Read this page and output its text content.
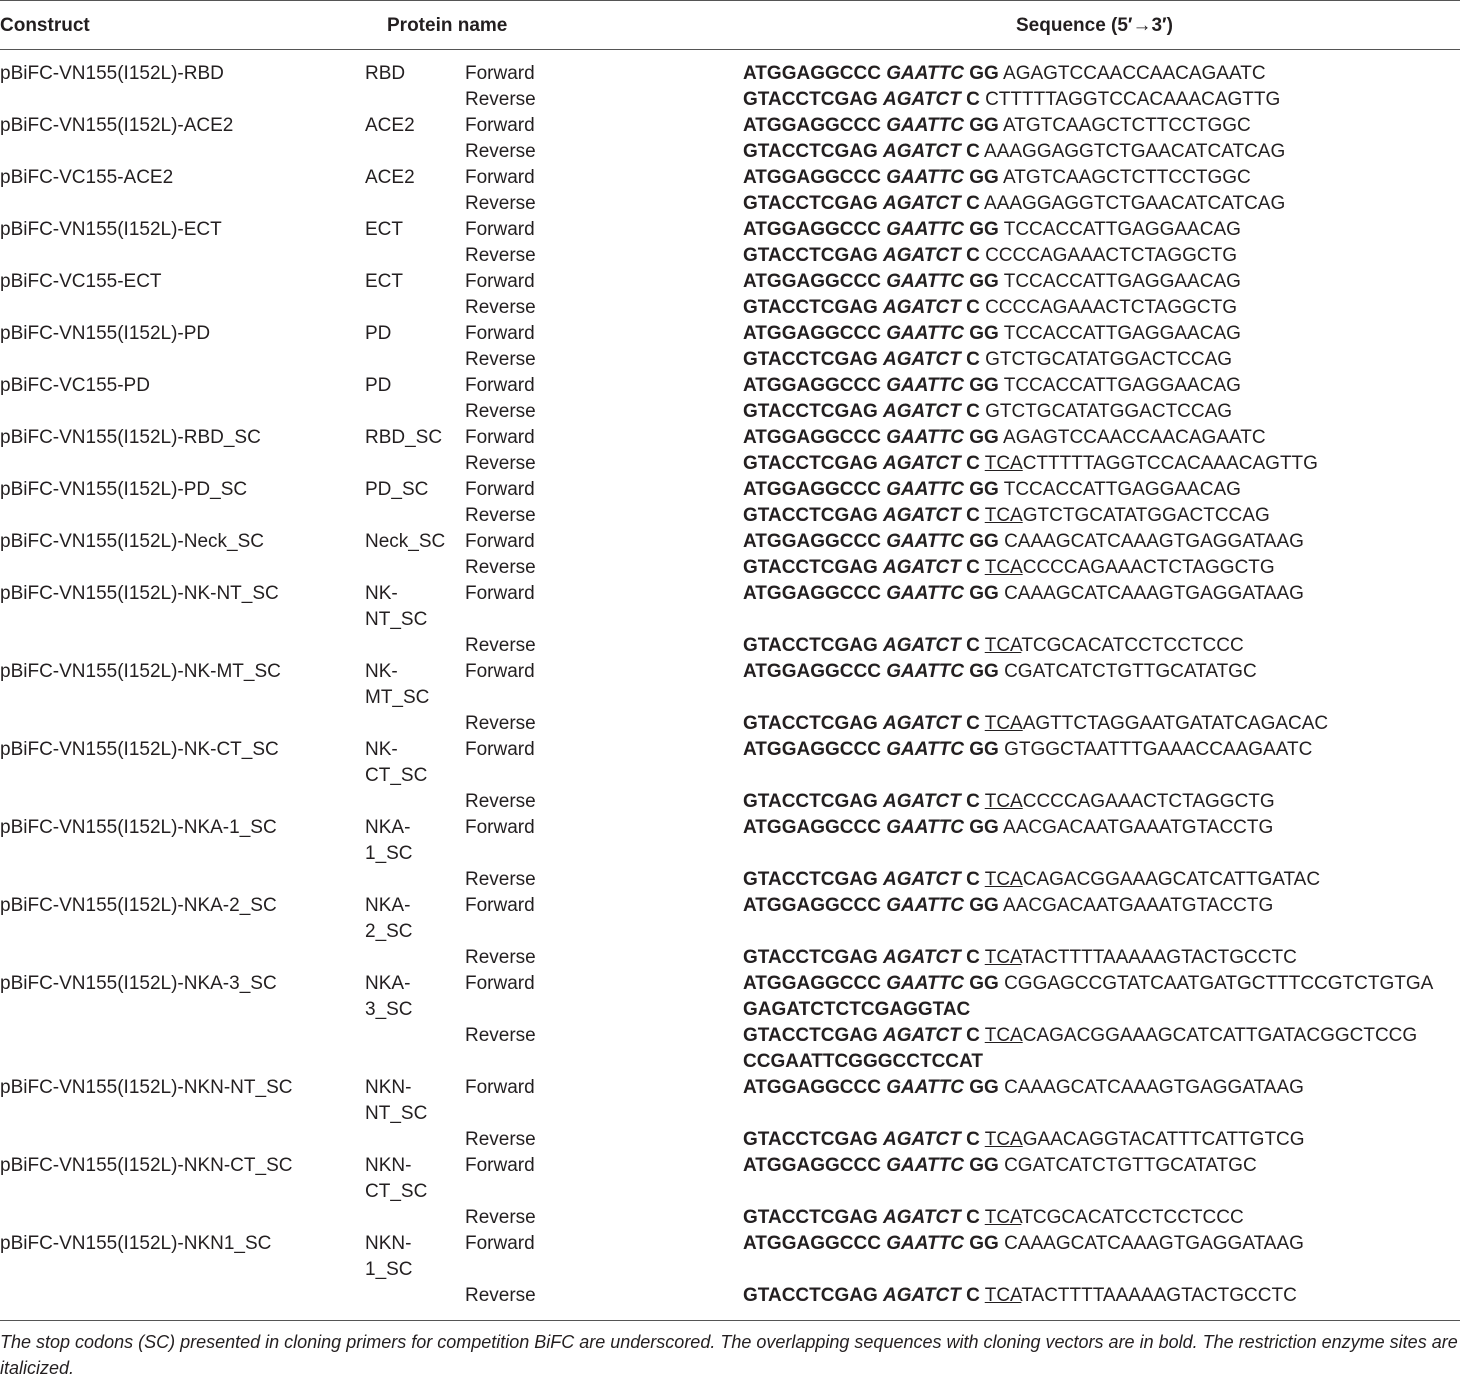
Construct	Protein name	Sequence (5′→3′)
pBiFC-VN155(I152L)-RBD	RBD	Forward	ATGGAGGCCC GAATTC GG AGAGTCCAACCAACAGAATC
Reverse	GTACCTCGAG AGATCT C CTTTTTAGGTCCACAAACAGTTG
pBiFC-VN155(I152L)-ACE2	ACE2	Forward	ATGGAGGCCC GAATTC GG ATGTCAAGCTCTTCCTGGC
Reverse	GTACCTCGAG AGATCT C AAAGGAGGTCTGAACATCATCAG
pBiFC-VC155-ACE2	ACE2	Forward	ATGGAGGCCC GAATTC GG ATGTCAAGCTCTTCCTGGC
Reverse	GTACCTCGAG AGATCT C AAAGGAGGTCTGAACATCATCAG
pBiFC-VN155(I152L)-ECT	ECT	Forward	ATGGAGGCCC GAATTC GG TCCACCATTGAGGAACAG
Reverse	GTACCTCGAG AGATCT C CCCCAGAAACTCTAGGCTG
pBiFC-VC155-ECT	ECT	Forward	ATGGAGGCCC GAATTC GG TCCACCATTGAGGAACAG
Reverse	GTACCTCGAG AGATCT C CCCCAGAAACTCTAGGCTG
pBiFC-VN155(I152L)-PD	PD	Forward	ATGGAGGCCC GAATTC GG TCCACCATTGAGGAACAG
Reverse	GTACCTCGAG AGATCT C GTCTGCATATGGACTCCAG
pBiFC-VC155-PD	PD	Forward	ATGGAGGCCC GAATTC GG TCCACCATTGAGGAACAG
Reverse	GTACCTCGAG AGATCT C GTCTGCATATGGACTCCAG
pBiFC-VN155(I152L)-RBD_SC	RBD_SC Forward	ATGGAGGCCC GAATTC GG AGAGTCCAACCAACAGAATC
Reverse	GTACCTCGAG AGATCT C TCACTTTTTAGGTCCACAAACAGTTG
pBiFC-VN155(I152L)-PD_SC	PD_SC Forward	ATGGAGGCCC GAATTC GG TCCACCATTGAGGAACAG
Reverse	GTACCTCGAG AGATCT C TCAGTCTGCATATGGACTCCAG
pBiFC-VN155(I152L)-Neck_SC	Neck_SC Forward	ATGGAGGCCC GAATTC GG CAAAGCATCAAAGTGAGGATAAG
Reverse	GTACCTCGAG AGATCT C TCACCCCAGAAACTCTAGGCTG
pBiFC-VN155(I152L)-NK-NT_SC	NK-
NT_SC
Forward	ATGGAGGCCC GAATTC GG CAAAGCATCAAAGTGAGGATAAG
Reverse	GTACCTCGAG AGATCT C TCATCGCACATCCTCCTCCC
pBiFC-VN155(I152L)-NK-MT_SC	NK-
MT_SC
Forward	ATGGAGGCCC GAATTC GG CGATCATCTGTTGCATATGC
Reverse	GTACCTCGAG AGATCT C TCAAGTTCTAGGAATGATATCAGACAC
pBiFC-VN155(I152L)-NK-CT_SC	NK-
CT_SC
Forward	ATGGAGGCCC GAATTC GG GTGGCTAATTTGAAACCAAGAATC
Reverse	GTACCTCGAG AGATCT C TCACCCCAGAAACTCTAGGCTG
pBiFC-VN155(I152L)-NKA-1_SC	NKA-
1_SC
Forward	ATGGAGGCCC GAATTC GG AACGACAATGAAATGTACCTG
Reverse	GTACCTCGAG AGATCT C TCACAGACGGAAAGCATCATTGATAC
pBiFC-VN155(I152L)-NKA-2_SC	NKA-
2_SC
Forward	ATGGAGGCCC GAATTC GG AACGACAATGAAATGTACCTG
Reverse	GTACCTCGAG AGATCT C TCATACTTTTAAAAAGTACTGCCTC
pBiFC-VN155(I152L)-NKA-3_SC	NKA-
3_SC
Forward	ATGGAGGCCC GAATTC GG CGGAGCCGTATCAATGATGCTTTCCGTCTGTGA
GAGATCTCTCGAGGTAC
Reverse	GTACCTCGAG AGATCT C TCACAGACGGAAAGCATCATTGATACGGCTCCG
CCGAATTCGGGCCTCCAT
pBiFC-VN155(I152L)-NKN-NT_SC	NKN-
NT_SC
Forward	ATGGAGGCCC GAATTC GG CAAAGCATCAAAGTGAGGATAAG
Reverse	GTACCTCGAG AGATCT C TCAGAACAGGTACATTTCATTGTCG
pBiFC-VN155(I152L)-NKN-CT_SC	NKN-
CT_SC
Forward	ATGGAGGCCC GAATTC GG CGATCATCTGTTGCATATGC
Reverse	GTACCTCGAG AGATCT C TCATCGCACATCCTCCTCCC
pBiFC-VN155(I152L)-NKN1_SC	NKN-
1_SC
Forward	ATGGAGGCCC GAATTC GG CAAAGCATCAAAGTGAGGATAAG
Reverse	GTACCTCGAG AGATCT C TCATACTTTTAAAAAGTACTGCCTC
The stop codons (SC) presented in cloning primers for competition BiFC are underscored. The overlapping sequences with cloning vectors are in bold. The restriction enzyme sites are italicized.
